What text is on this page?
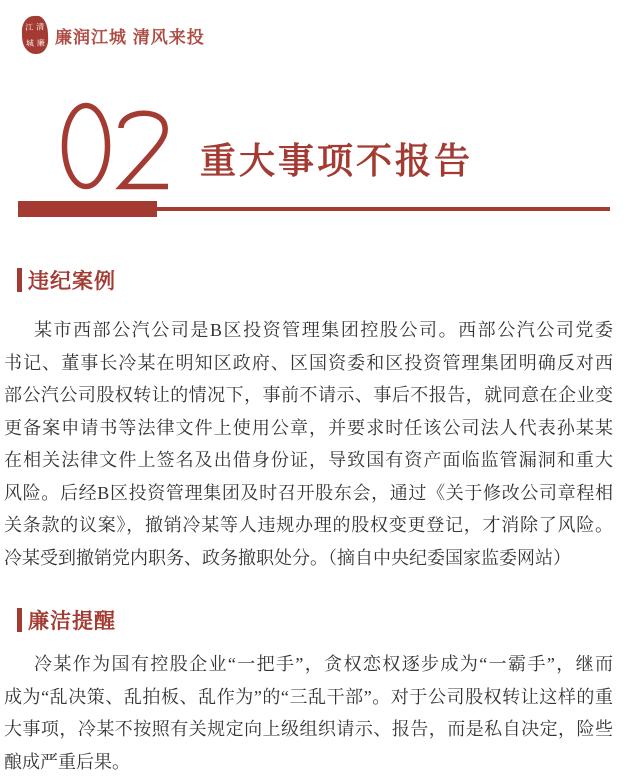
江 清
城 廉 廉润江城 清风来投
重大事项不报告
违纪案例
某市西部公汽公司是B区投资管理集团控股公司。西部公汽公司党委
书记、董事长冷某在明知区政府、区国资委和区投资管理集团明确反对西
部公汽公司股权转让的情况下，事前不请示、事后不报告，就同意在企业变
更备案申请书等法律文件上使用公章，并要求时任该公司法人代表孙某某
在相关法律文件上签名及出借身份证，导致国有资产面临监管漏洞和重大
风险。后经B区投资管理集团及时召开股东会，通过《关于修改公司章程相
关条款的议案》，撤销冷某等人违规办理的股权变更登记，才消除了风险。
冷某受到撤销党内职务、政务撤职处分。（摘自中央纪委国家监委网站）
廉洁提醒
冷某作为国有控股企业“一把手”，贪权恋权逐步成为“一霸手”，继而
成为“乱决策、乱拍板、乱作为”的“三乱干部”。对于公司股权转让这样的重
大事项，冷某不按照有关规定向上级组织请示、报告，而是私自决定，险些
酿成严重后果。
